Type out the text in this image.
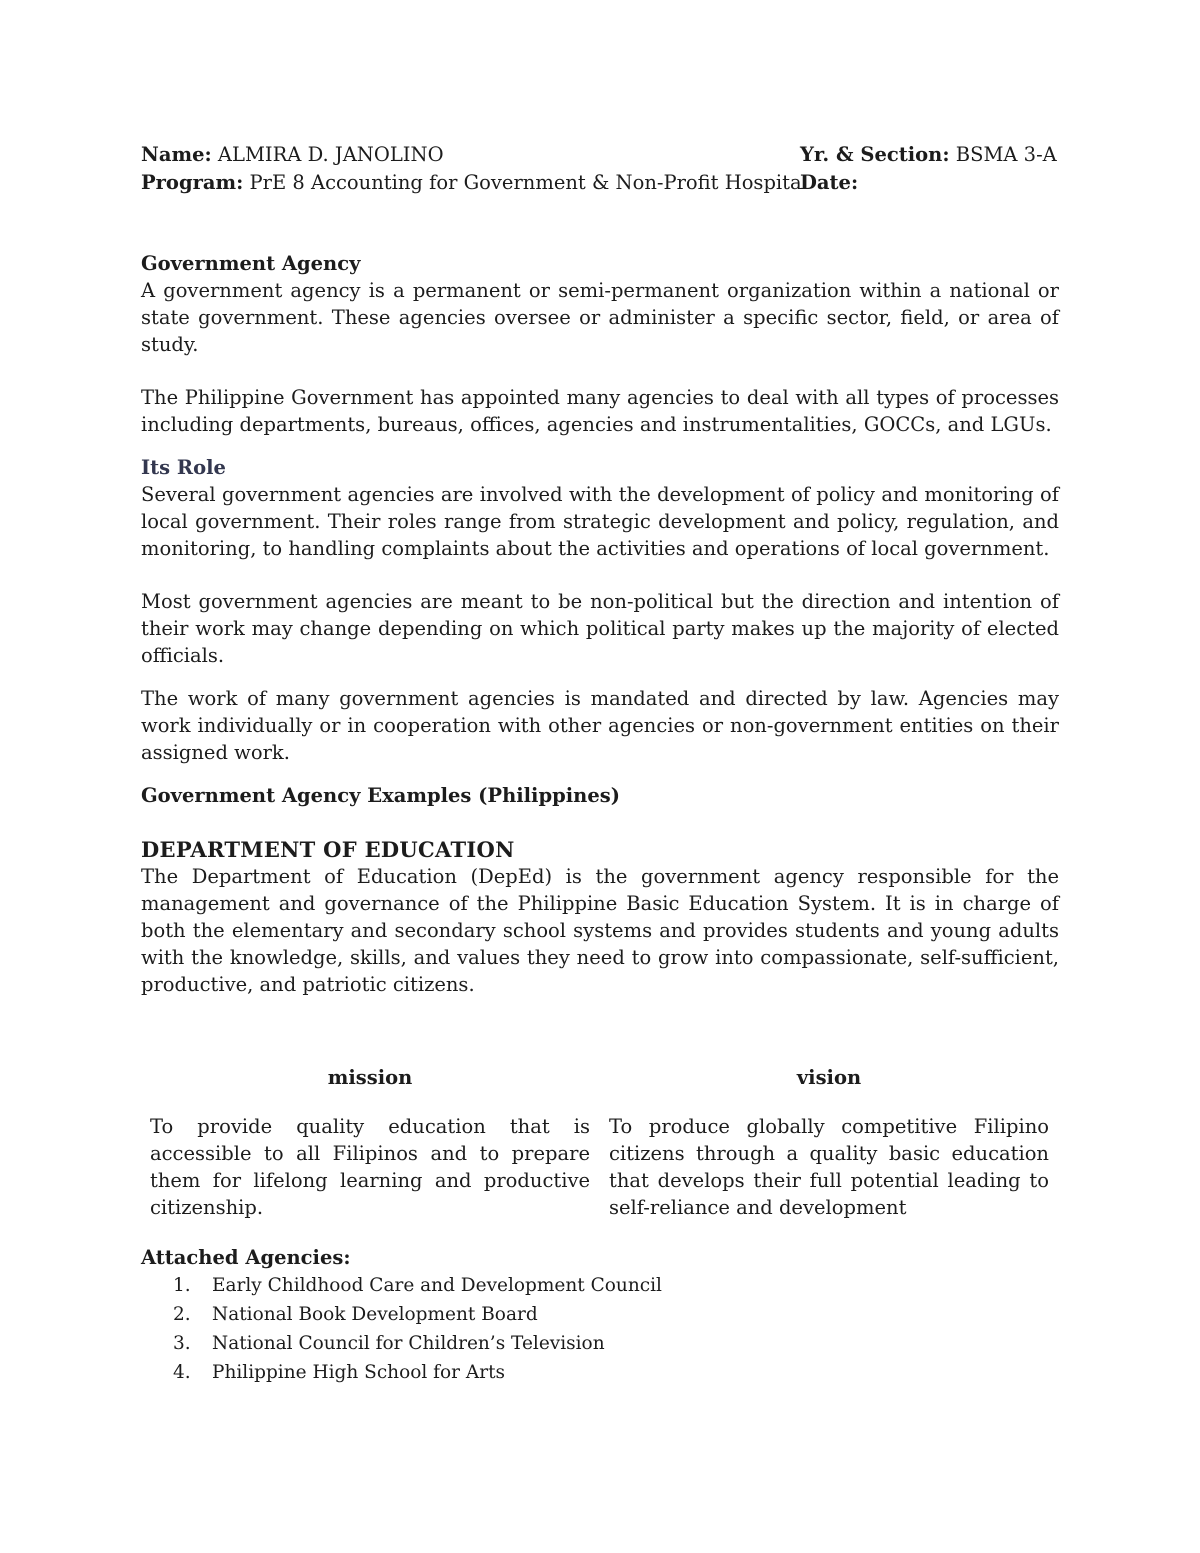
Name: ALMIRA D. JANOLINO	Yr. & Section: BSMA 3-A
Program: PrE 8 Accounting for Government & Non-Profit Hospital
Date:
Government Agency

A government agency is a permanent or semi-permanent organization within a national or state government. These agencies oversee or administer a specific sector, field, or area of study.

The Philippine Government has appointed many agencies to deal with all types of processes including departments, bureaus, offices, agencies and instrumentalities, GOCCs, and LGUs.

Its Role

Several government agencies are involved with the development of policy and monitoring of local government. Their roles range from strategic development and policy, regulation, and monitoring, to handling complaints about the activities and operations of local government.

Most government agencies are meant to be non-political but the direction and intention of their work may change depending on which political party makes up the majority of elected officials.

The work of many government agencies is mandated and directed by law. Agencies may work individually or in cooperation with other agencies or non-government entities on their assigned work.

Government Agency Examples (Philippines)
DEPARTMENT OF EDUCATION

The Department of Education (DepEd) is the government agency responsible for the management and governance of the Philippine Basic Education System. It is in charge of both the elementary and secondary school systems and provides students and young adults with the knowledge, skills, and values they need to grow into compassionate, self-sufficient, productive, and patriotic citizens.

mission
To provide quality education that is accessible to all Filipinos and to prepare them for lifelong learning and productive citizenship.
vision
To produce globally competitive Filipino citizens through a quality basic education that develops their full potential leading to self-reliance and development
Attached Agencies:
1.	Early Childhood Care and Development Council
2.	National Book Development Board
3.	National Council for Children’s Television
4.	Philippine High School for Arts
